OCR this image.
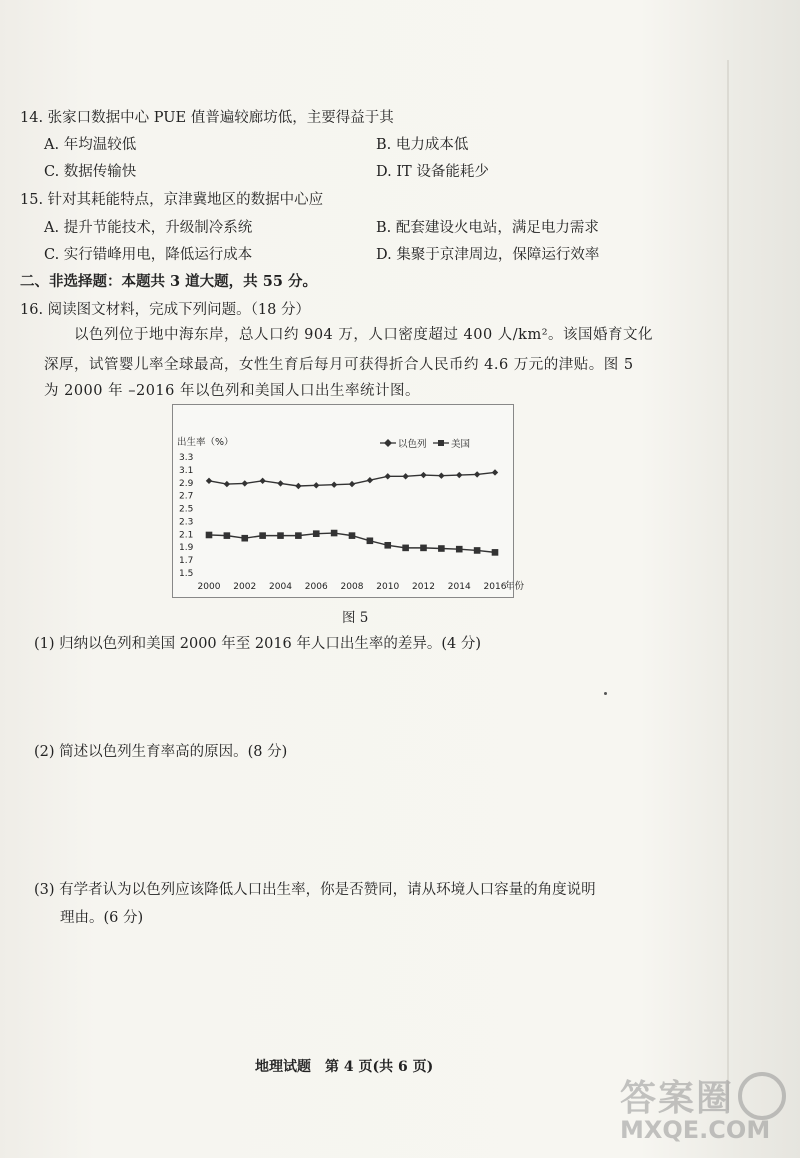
14. 张家口数据中心 PUE 值普遍较廊坊低，主要得益于其
A. 年均温较低	B. 电力成本低
C. 数据传输快	D. IT 设备能耗少
15. 针对其耗能特点，京津冀地区的数据中心应
A. 提升节能技术，升级制冷系统	B. 配套建设火电站，满足电力需求
C. 实行错峰用电，降低运行成本	D. 集聚于京津周边，保障运行效率
二、非选择题：本题共 3 道大题，共 55 分。
16. 阅读图文材料，完成下列问题。（18 分）
以色列位于地中海东岸，总人口约 904 万，人口密度超过 400 人/km²。该国婚育文化
深厚，试管婴儿率全球最高，女性生育后每月可获得折合人民币约 4.6 万元的津贴。图 5
为 2000 年 –2016 年以色列和美国人口出生率统计图。
出生率（%）
3.3
3.1
2.9
2.7
2.5
2.3
2.1
1.9
1.7
1.5
2000 2002 2004 2006 2008 2010 2012 2014 2016
年份
以色列	美国
图 5
(1) 归纳以色列和美国 2000 年至 2016 年人口出生率的差异。(4 分)
(2) 简述以色列生育率高的原因。(8 分)
(3) 有学者认为以色列应该降低人口出生率，你是否赞同，请从环境人口容量的角度说明
理由。(6 分)
地理试题　第 4 页(共 6 页)
答案圈
MXQE.COM
